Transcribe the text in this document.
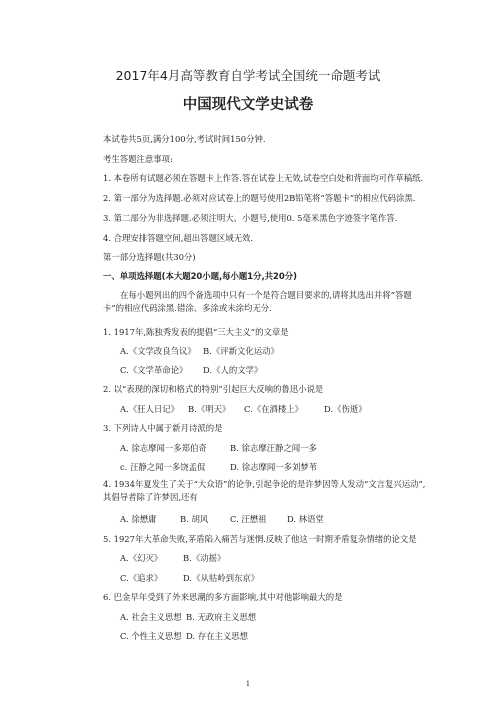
2017年4月高等教育自学考试全国统一命题考试
中国现代文学史试卷
本试卷共5页,满分100分,考试时间150分钟.
考生答题注意事项:
1. 本卷所有试题必须在答题卡上作答.答在试卷上无效,试卷空白处和背面均可作草稿纸.
2. 第一部分为选择题.必须对应试卷上的题号使用2B铅笔将“答题卡”的相应代码涂黑.
3. 第二部分为非选择题.必须注明大、小题号,使用0. 5毫米黑色字迹签字笔作答.
4. 合理安排答题空间,超出答题区域无效.
第一部分选择题(共30分)
一、单项选择题(本大题20小题,每小题1分,共20分)
在每小题列出的四个备选项中只有一个是符合题目要求的,请将其选出并将“答题卡”的相应代码涂黑.错涂、多涂或未涂均无分.
1. 1917年,陈独秀发表的提倡“三大主义”的文章是
A.《文学改良刍议》 B.《评新文化运动》
C.《文学革命论》 D.《人的文学》
2. 以“表现的深切和格式的特别”引起巨大反响的鲁迅小说是
A.《狂人日记》 B.《明天》 C.《在酒楼上》 D.《伤逝》
3. 下列诗人中属于新月诗派的是
A. 徐志摩闻一多郑伯奇	B. 徐志摩汪静之闻一多
c. 汪静之闻一多饶孟侃	D. 徐志摩闻一多刘梦苇
4. 1934年夏发生了关于“大众语”的论争,引起争论的是许梦因等人发动“文言复兴运动”,其倡导者除了许梦因,还有
A. 徐懋庸	B. 胡风	C. 汪懋祖 D. 林语堂
5. 1927年大革命失败,茅盾陷入痛苦与迷惘.反映了他这一时期矛盾复杂情绪的论文是
A.《幻灭》 B.《动摇》
C.《追求》 D.《从牯岭到东京》
6. 巴金早年受到了外来思潮的多方面影响,其中对他影响最大的是
A. 社会主义思想 B. 无政府主义思想
C. 个性主义思想 D. 存在主义思想
1
